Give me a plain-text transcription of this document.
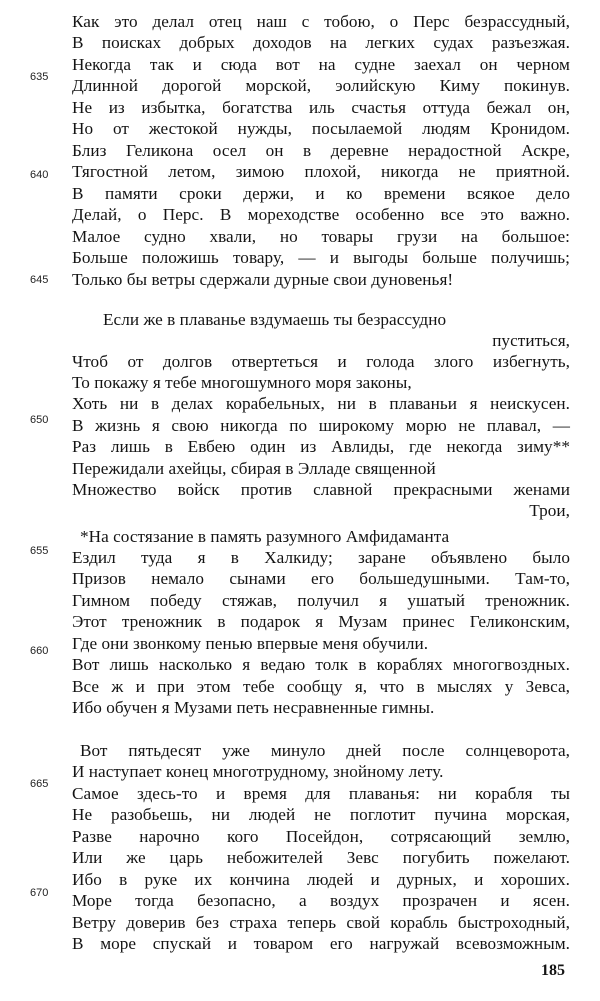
Как это делал отец наш с тобою, о Перс безрассудный,
В поисках добрых доходов на легких судах разъезжая.
Некогда так и сюда вот на судне заехал он черном
Длинной дорогой морской, эолийскую Киму покинув.
Не из избытка, богатства иль счастья оттуда бежал он,
Но от жестокой нужды, посылаемой людям Кронидом.
Близ Геликона осел он в деревне нерадостной Аскре,
Тягостной летом, зимою плохой, никогда не приятной.
В памяти сроки держи, и ко времени всякое дело
Делай, о Перс. В мореходстве особенно все это важно.
Малое судно хвали, но товары грузи на большое:
Больше положишь товару, — и выгоды больше получишь;
Только бы ветры сдержали дурные свои дуновенья!
Если же в плаванье вздумаешь ты безрассудно
пуститься,
Чтоб от долгов отвертеться и голода злого избегнуть,
То покажу я тебе многошумного моря законы,
Хоть ни в делах корабельных, ни в плаваньи я неискусен.
В жизнь я свою никогда по широкому морю не плавал, —
Раз лишь в Евбею один из Авлиды, где некогда зиму**
Пережидали ахейцы, сбирая в Элладе священной
Множество войск против славной прекрасными женами
Трои,
*На состязание в память разумного Амфидаманта
Ездил туда я в Халкиду; заране объявлено было
Призов немало сынами его большедушными. Там-то,
Гимном победу стяжав, получил я ушатый треножник.
Этот треножник в подарок я Музам принес Геликонским,
Где они звонкому пенью впервые меня обучили.
Вот лишь насколько я ведаю толк в кораблях многогвоздных.
Все ж и при этом тебе сообщу я, что в мыслях у Зевса,
Ибо обучен я Музами петь несравненные гимны.
Вот пятьдесят уже минуло дней после солнцеворота,
И наступает конец многотрудному, знойному лету.
Самое здесь-то и время для плаванья: ни корабля ты
Не разобьешь, ни людей не поглотит пучина морская,
Разве нарочно кого Посейдон, сотрясающий землю,
Или же царь небожителей Зевс погубить пожелают.
Ибо в руке их кончина людей и дурных, и хороших.
Море тогда безопасно, а воздух прозрачен и ясен.
Ветру доверив без страха теперь свой корабль быстроходный,
В море спускай и товаром его нагружай всевозможным.
635
640
645
650
655
660
665
670
185
